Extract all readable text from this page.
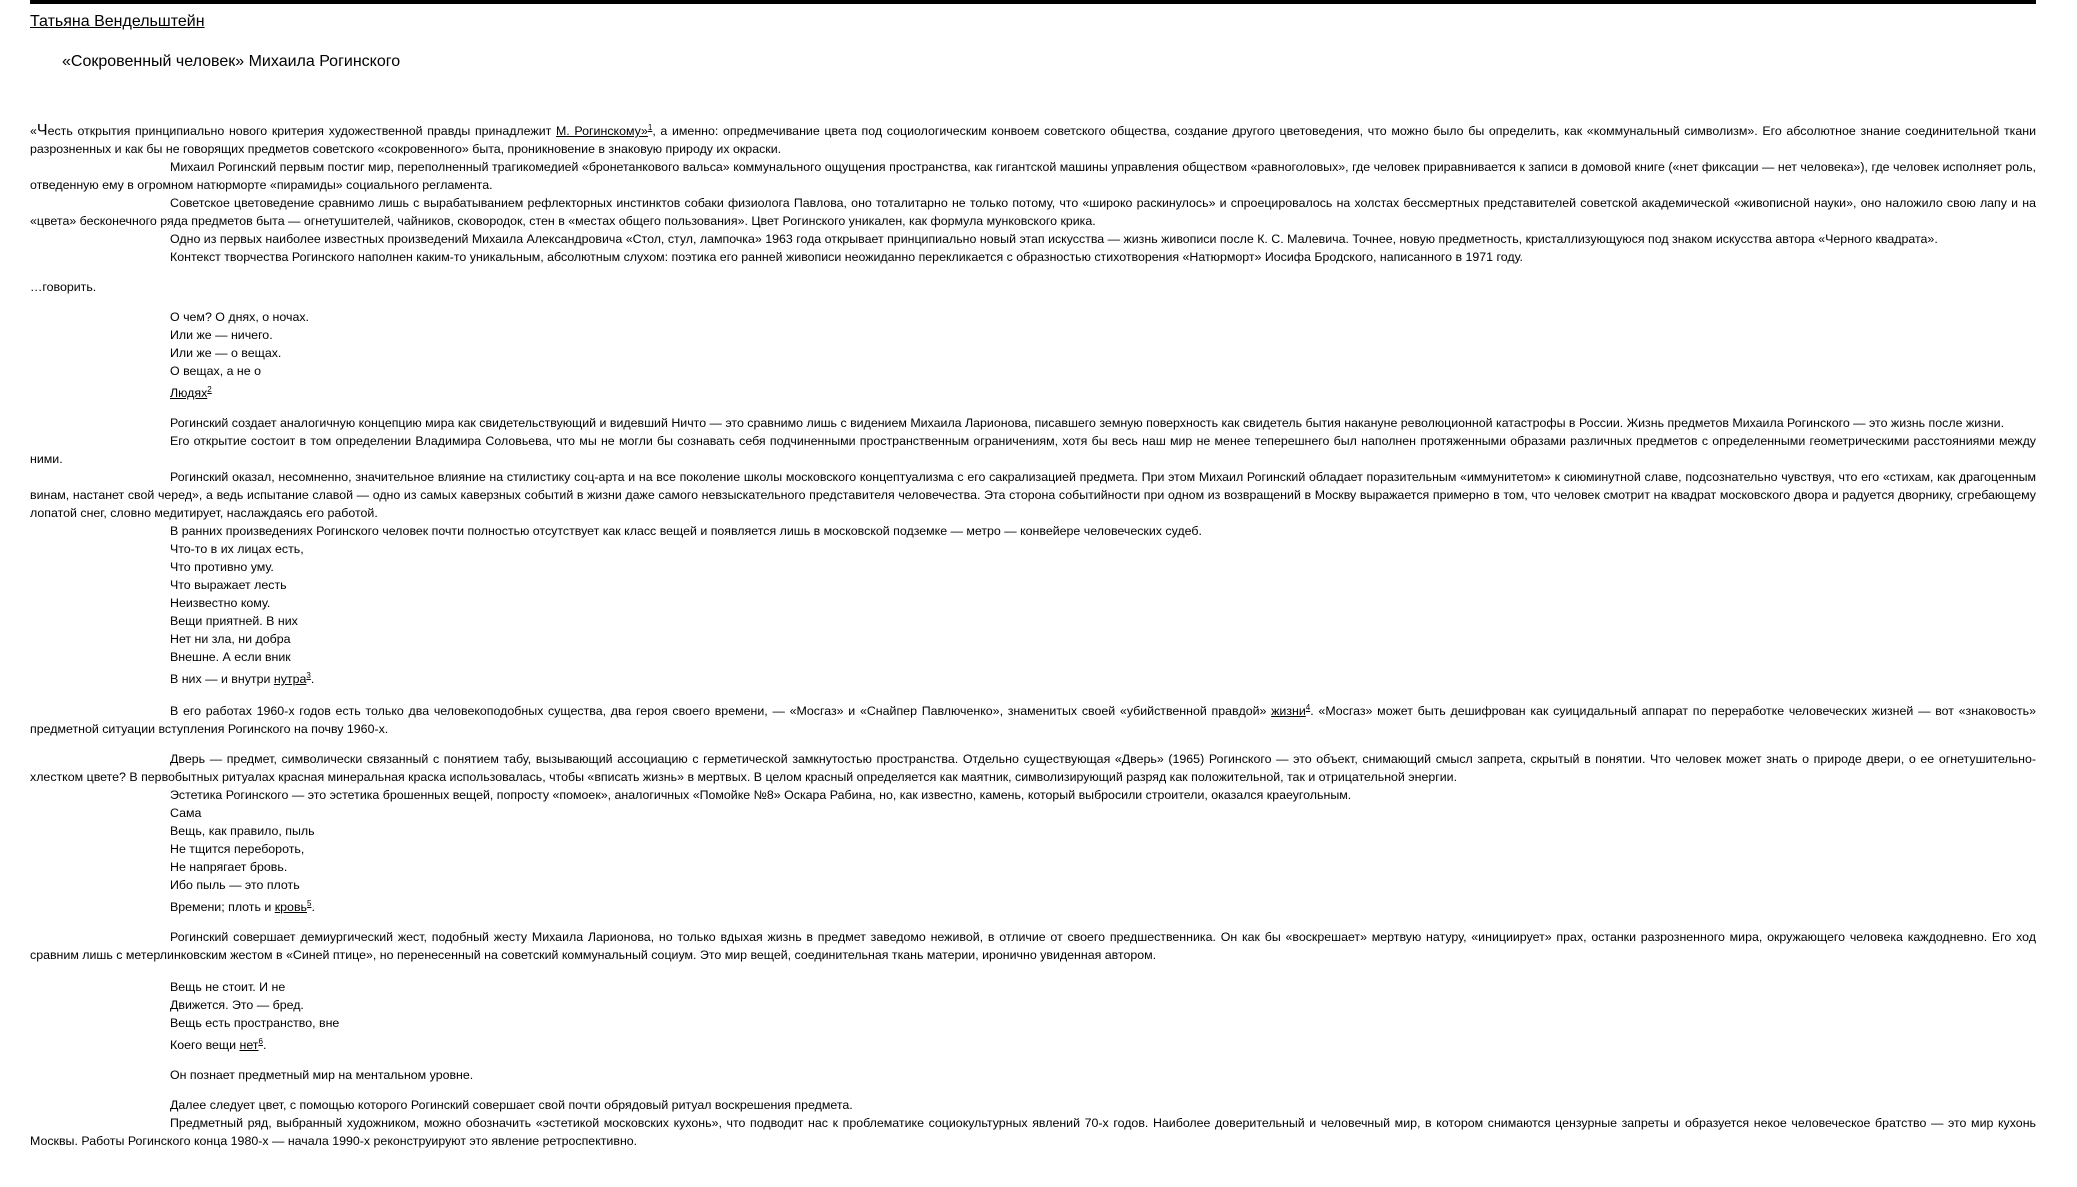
Татьяна Вендельштейн
«Сокровенный человек» Михаила Рогинского

«Честь открытия принципиально нового критерия художественной правды принадлежит М. Рогинскому»$^1$, а именно: опредмечивание цвета под социологическим конвоем советского общества, создание другого цветоведения, что можно было бы определить, как «коммунальный символизм». Его абсолютное знание соединительной ткани разрозненных и как бы не говорящих предметов советского «сокровенного» быта, проникновение в знаковую природу их окраски.

Михаил Рогинский первым постиг мир, переполненный трагикомедией «бронетанкового вальса» коммунального ощущения пространства, как гигантской машины управления обществом «равноголовых», где человек приравнивается к записи в домовой книге («нет фиксации — нет человека»), где человек исполняет роль, отведенную ему в огромном натюрморте «пирамиды» социального регламента.

Советское цветоведение сравнимо лишь с вырабатыванием рефлекторных инстинктов собаки физиолога Павлова, оно тоталитарно не только потому, что «широко раскинулось» и спроецировалось на холстах бессмертных представителей советской академической «живописной науки», оно наложило свою лапу и на «цвета» бесконечного ряда предметов быта — огнетушителей, чайников, сковородок, стен в «местах общего пользования». Цвет Рогинского уникален, как формула мунковского крика.

Одно из первых наиболее известных произведений Михаила Александровича «Стол, стул, лампочка» 1963 года открывает принципиально новый этап искусства — жизнь живописи после К. С. Малевича. Точнее, новую предметность, кристаллизующуюся под знаком искусства автора «Черного квадрата».

Контекст творчества Рогинского наполнен каким-то уникальным, абсолютным слухом: поэтика его ранней живописи неожиданно перекликается с образностью стихотворения «Натюрморт» Иосифа Бродского, написанного в 1971 году.

…говорить.

О чем? О днях, о ночах.

Или же — ничего.

Или же — о вещах.

О вещах, а не о

Людях$^2$

Рогинский создает аналогичную концепцию мира как свидетельствующий и видевший Ничто — это сравнимо лишь с видением Михаила Ларионова, писавшего земную поверхность как свидетель бытия накануне революционной катастрофы в России. Жизнь предметов Михаила Рогинского — это жизнь после жизни.

Его открытие состоит в том определении Владимира Соловьева, что мы не могли бы сознавать себя подчиненными пространственным ограничениям, хотя бы весь наш мир не менее теперешнего был наполнен протяженными образами различных предметов с определенными геометрическими расстояниями между ними.

Рогинский оказал, несомненно, значительное влияние на стилистику соц-арта и на все поколение школы московского концептуализма с его сакрализацией предмета. При этом Михаил Рогинский обладает поразительным «иммунитетом» к сиюминутной славе, подсознательно чувствуя, что его «стихам, как драгоценным винам, настанет свой черед», а ведь испытание славой — одно из самых каверзных событий в жизни даже самого невзыскательного представителя человечества. Эта сторона событийности при одном из возвращений в Москву выражается примерно в том, что человек смотрит на квадрат московского двора и радуется дворнику, сгребающему лопатой снег, словно медитирует, наслаждаясь его работой.

В ранних произведениях Рогинского человек почти полностью отсутствует как класс вещей и появляется лишь в московской подземке — метро — конвейере человеческих судеб.

Что-то в их лицах есть,

Что противно уму.

Что выражает лесть

Неизвестно кому.

Вещи приятней. В них

Нет ни зла, ни добра

Внешне. А если вник

В них — и внутри нутра$^3$.

В его работах 1960-х годов есть только два человекоподобных существа, два героя своего времени, — «Мосгаз» и «Снайпер Павлюченко», знаменитых своей «убийственной правдой» жизни$^4$. «Мосгаз» может быть дешифрован как суицидальный аппарат по переработке человеческих жизней — вот «знаковость» предметной ситуации вступления Рогинского на почву 1960-х.

Дверь — предмет, символически связанный с понятием табу, вызывающий ассоциацию с герметической замкнутостью пространства. Отдельно существующая «Дверь» (1965) Рогинского — это объект, снимающий смысл запрета, скрытый в понятии. Что человек может знать о природе двери, о ее огнетушительно-хлестком цвете? В первобытных ритуалах красная минеральная краска использовалась, чтобы «вписать жизнь» в мертвых. В целом красный определяется как маятник, символизирующий разряд как положительной, так и отрицательной энергии.

Эстетика Рогинского — это эстетика брошенных вещей, попросту «помоек», аналогичных «Помойке №8» Оскара Рабина, но, как известно, камень, который выбросили строители, оказался краеугольным.

Сама

Вещь, как правило, пыль

Не тщится перебороть,

Не напрягает бровь.

Ибо пыль — это плоть

Времени; плоть и кровь$^5$.

Рогинский совершает демиургический жест, подобный жесту Михаила Ларионова, но только вдыхая жизнь в предмет заведомо неживой, в отличие от своего предшественника. Он как бы «воскрешает» мертвую натуру, «инициирует» прах, останки разрозненного мира, окружающего человека каждодневно. Его ход сравним лишь с метерлинковским жестом в «Синей птице», но перенесенный на советский коммунальный социум. Это мир вещей, соединительная ткань материи, иронично увиденная автором.

Вещь не стоит. И не

Движется. Это — бред.

Вещь есть пространство, вне

Коего вещи нет$^6$.

Он познает предметный мир на ментальном уровне.

Далее следует цвет, с помощью которого Рогинский совершает свой почти обрядовый ритуал воскрешения предмета.

Предметный ряд, выбранный художником, можно обозначить «эстетикой московских кухонь», что подводит нас к проблематике социокультурных явлений 70-х годов. Наиболее доверительный и человечный мир, в котором снимаются цензурные запреты и образуется некое человеческое братство — это мир кухонь Москвы. Работы Рогинского конца 1980-х — начала 1990-х реконструируют это явление ретроспективно.
